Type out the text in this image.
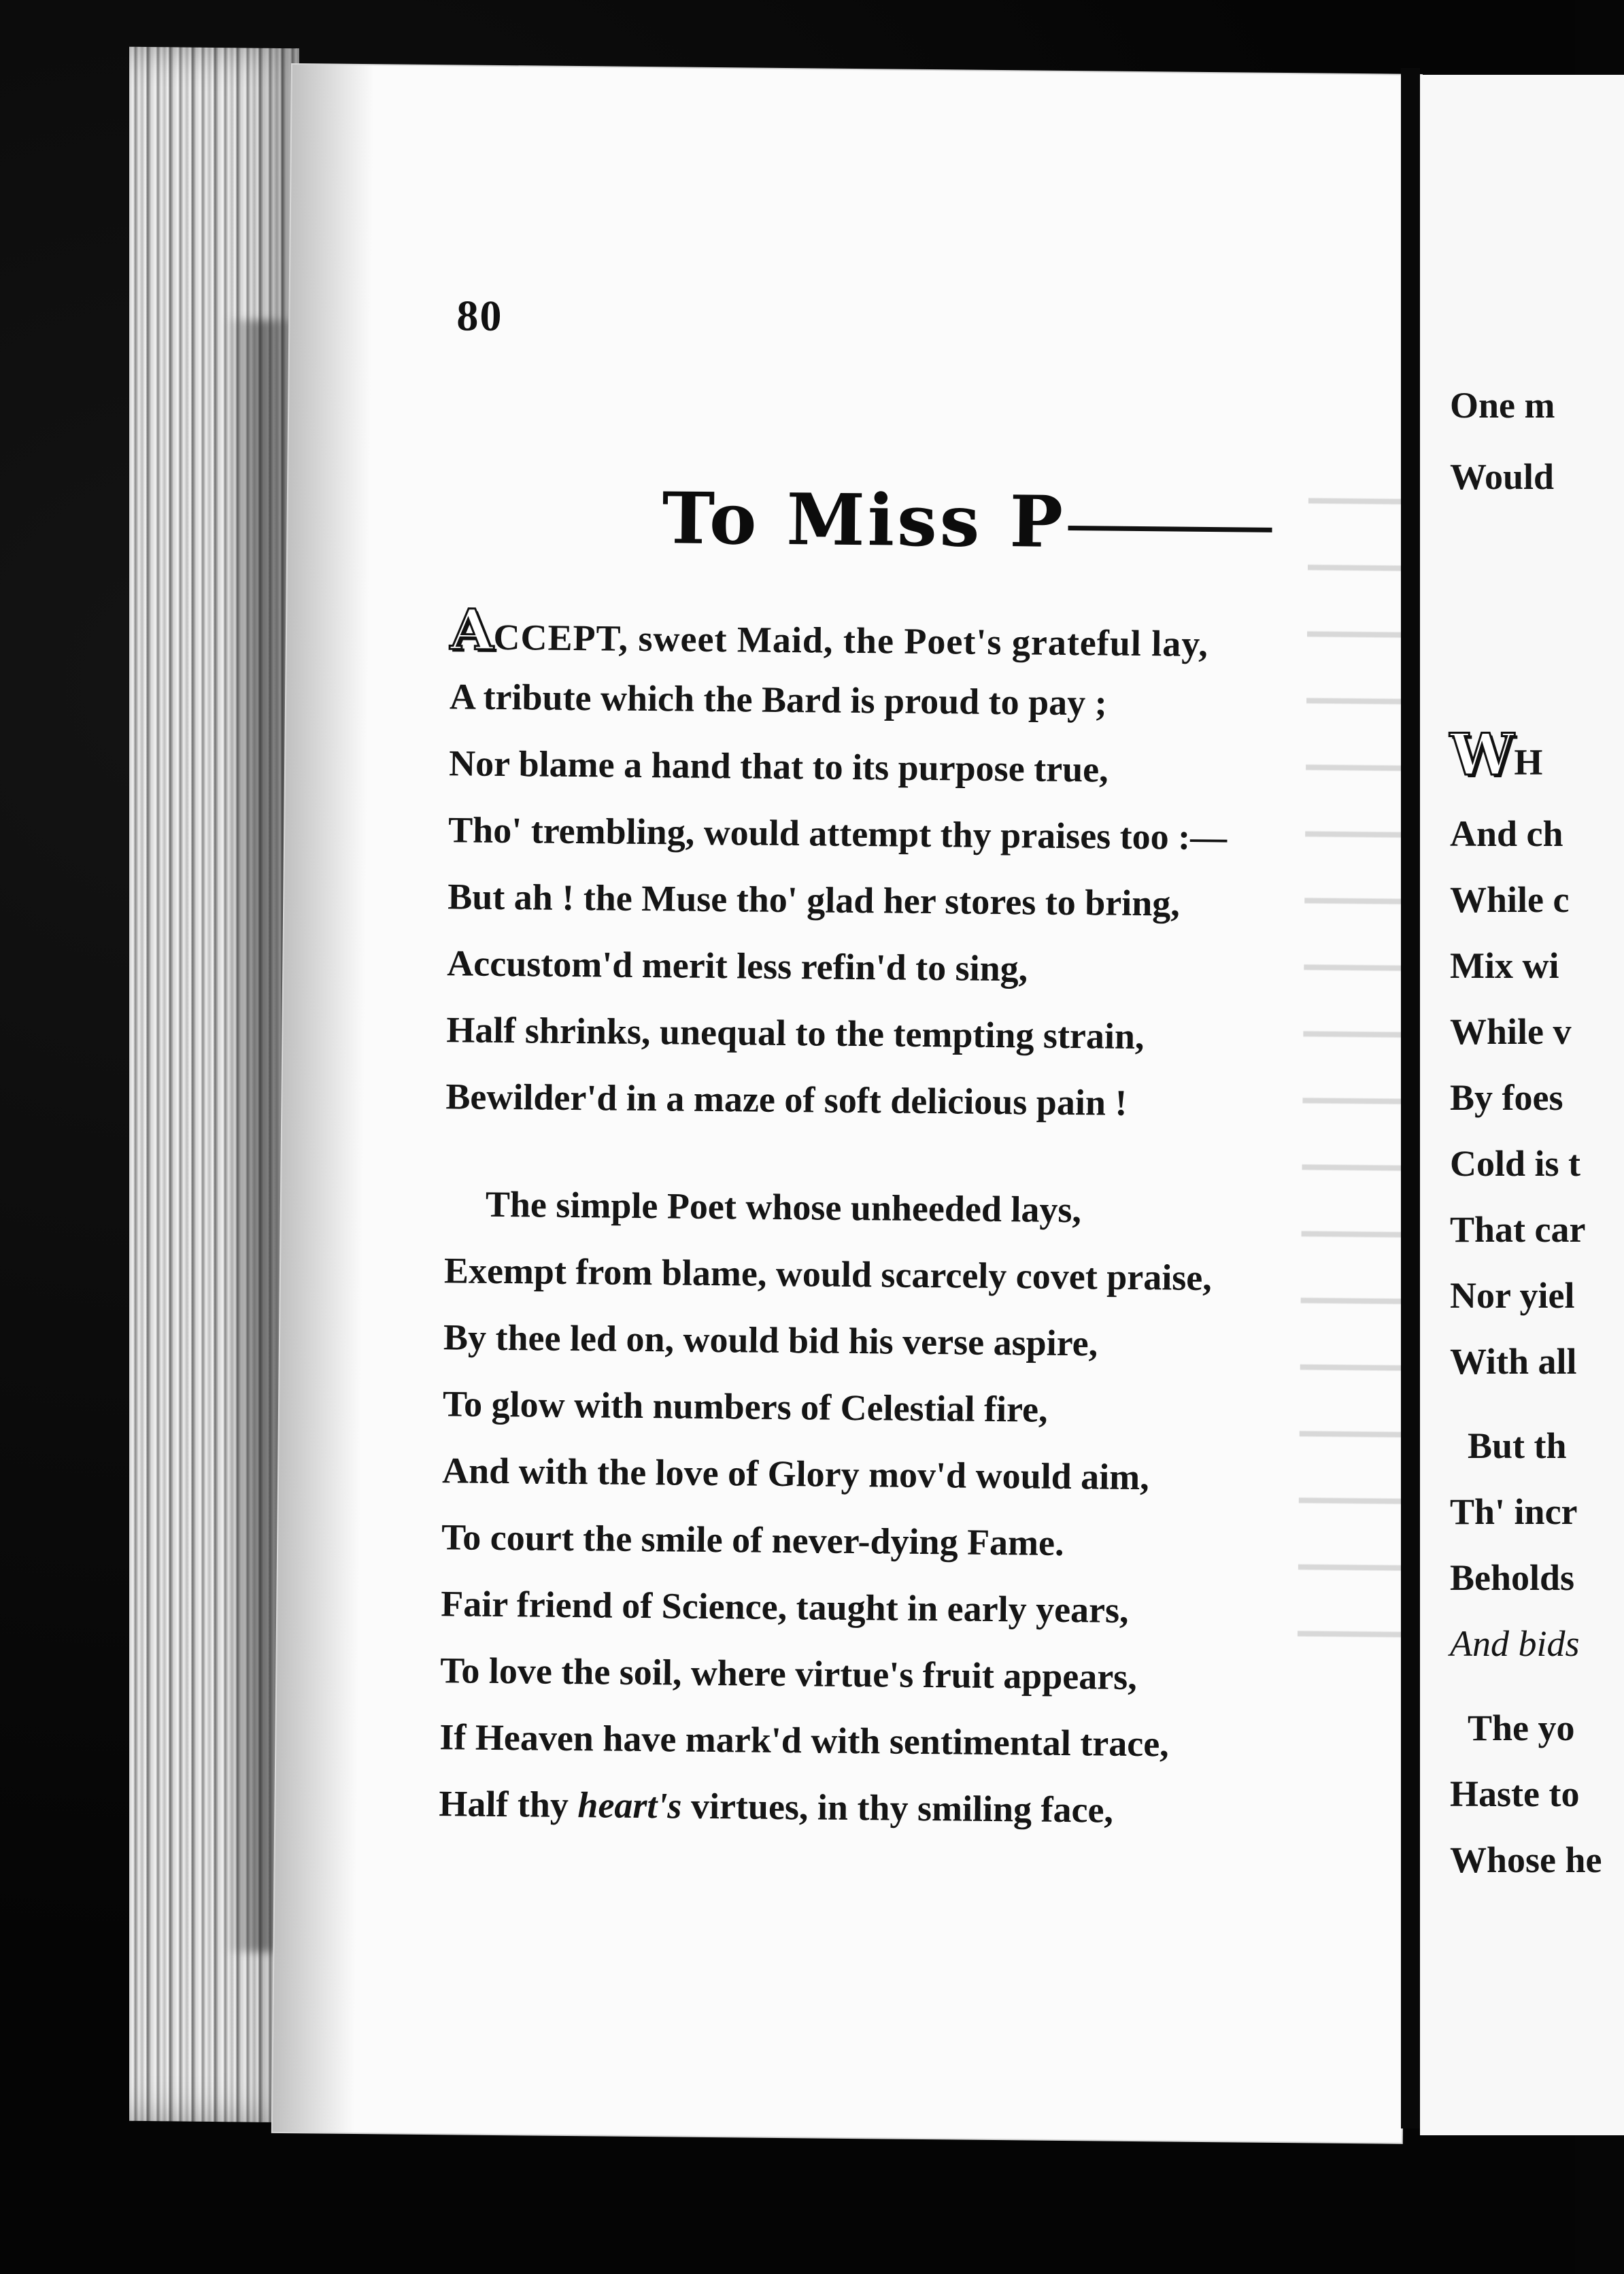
80
To Miss P
ACCEPT, sweet Maid, the Poet's grateful lay,
A tribute which the Bard is proud to pay ;
Nor blame a hand that to its purpose true,
Tho' trembling, would attempt thy praises too :—
But ah ! the Muse tho' glad her stores to bring,
Accustom'd merit less refin'd to sing,
Half shrinks, unequal to the tempting strain,
Bewilder'd in a maze of soft delicious pain !
The simple Poet whose unheeded lays,
Exempt from blame, would scarcely covet praise,
By thee led on, would bid his verse aspire,
To glow with numbers of Celestial fire,
And with the love of Glory mov'd would aim,
To court the smile of never-dying Fame.
Fair friend of Science, taught in early years,
To love the soil, where virtue's fruit appears,
If Heaven have mark'd with sentimental trace,
Half thy heart's virtues, in thy smiling face,
One m
Would
WH
And ch
While c
Mix wi
While v
By foes
Cold is t
That car
Nor yiel
With all
But th
Th' incr
Beholds
And bids
The yo
Haste to
Whose he
